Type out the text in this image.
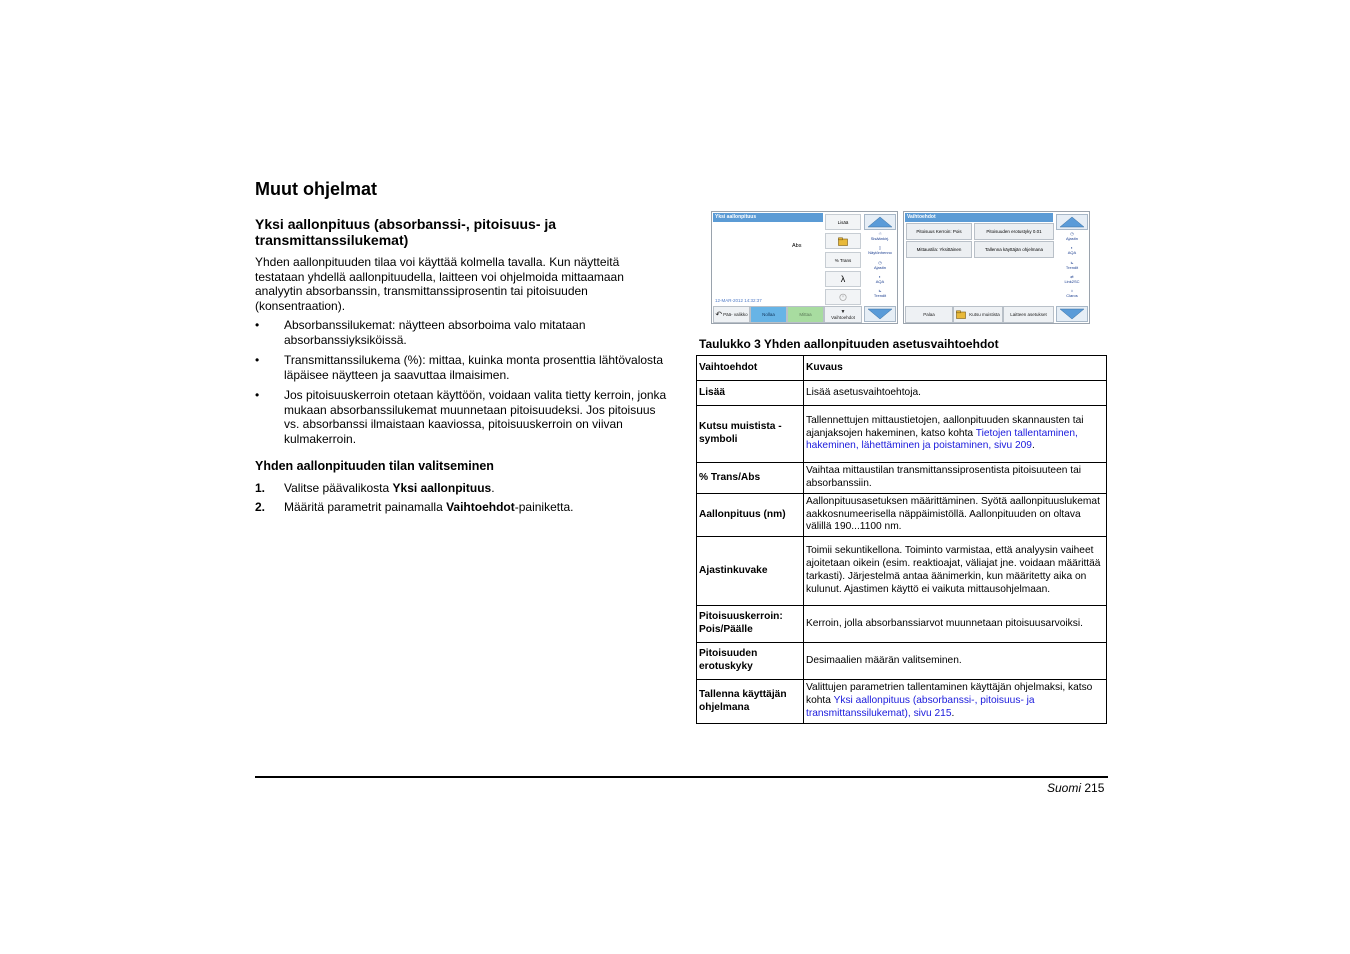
Muut ohjelmat
Yksi aallonpituus (absorbanssi-, pitoisuus- ja transmittanssilukemat)

Yhden aallonpituuden tilaa voi käyttää kolmella tavalla. Kun näytteitä testataan yhdellä aallonpituudella, laitteen voi ohjelmoida mittaamaan analyytin absorbanssin, transmittanssiprosentin tai pitoisuuden (konsentraation).

• Absorbanssilukemat: näytteen absorboima valo mitataan absorbanssiyksiköissä.
• Transmittanssilukema (%): mittaa, kuinka monta prosenttia lähtövalosta läpäisee näytteen ja saavuttaa ilmaisimen.
• Jos pitoisuuskerroin otetaan käyttöön, voidaan valita tietty kerroin, jonka mukaan absorbanssilukemat muunnetaan pitoisuudeksi. Jos pitoisuus vs. absorbanssi ilmaistaan kaaviossa, pitoisuuskerroin on viivan kulmakerroin.
Yhden aallonpituuden tilan valitseminen
1. Valitse päävalikosta Yksi aallonpituus.
2. Määritä parametrit painamalla Vaihtoehdot-painiketta.
Yksi aallonpituus
Abs
12-MAR-2012 14:32:37
Lisää
% Trans
λ
↶ Pää- valikko	Nollaa	Mittaa	▼
Vaihtoehdot
☃
Sisäänkirj.
▯
Näytönhenno
◷
Ajastin
◐
AQA
⊾
Trendit
Vaihtoehdot
Pitoisuus Kerroin: Pois	Pitoisuuden erotustyky 0.01
Mittaustila: Yksittäinen	Tallenna käyttäjän ohjelmana
Palaa	Kutsu muistista	Laitteen asetukset
◷
Ajastin
◐
AQA
⊾
Trendit
⇄
Link2SC
⌂
Claros
Taulukko 3 Yhden aallonpituuden asetusvaihtoehdot
Vaihtoehdot	Kuvaus
Lisää	Lisää asetusvaihtoehtoja.
Kutsu muistista - symboli	Tallennettujen mittaustietojen, aallonpituuden skannausten tai ajanjaksojen hakeminen, katso kohta Tietojen tallentaminen, hakeminen, lähettäminen ja poistaminen, sivu 209.
% Trans/Abs	Vaihtaa mittaustilan transmittanssiprosentista pitoisuuteen tai absorbanssiin.
Aallonpituus (nm)	Aallonpituusasetuksen määrittäminen. Syötä aallonpituuslukemat aakkosnumeerisella näppäimistöllä. Aallonpituuden on oltava välillä 190...1100 nm.
Ajastinkuvake	Toimii sekuntikellona. Toiminto varmistaa, että analyysin vaiheet ajoitetaan oikein (esim. reaktioajat, väliajat jne. voidaan määrittää tarkasti). Järjestelmä antaa äänimerkin, kun määritetty aika on kulunut. Ajastimen käyttö ei vaikuta mittausohjelmaan.
Pitoisuuskerroin: Pois/Päälle	Kerroin, jolla absorbanssiarvot muunnetaan pitoisuusarvoiksi.
Pitoisuuden erotuskyky	Desimaalien määrän valitseminen.
Tallenna käyttäjän ohjelmana	Valittujen parametrien tallentaminen käyttäjän ohjelmaksi, katso kohta Yksi aallonpituus (absorbanssi-, pitoisuus- ja transmittanssilukemat), sivu 215.
Suomi 215
